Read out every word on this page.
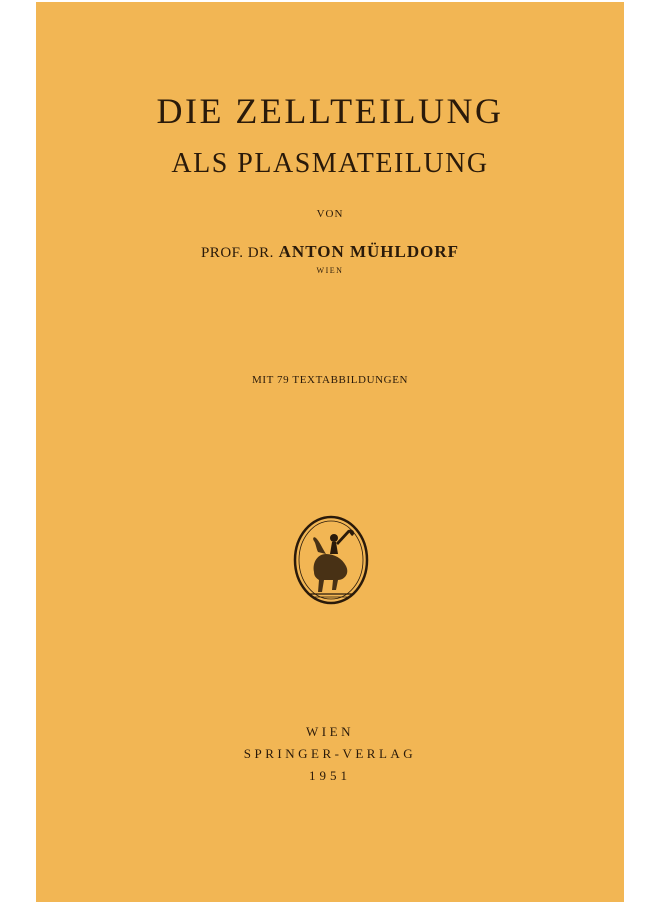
DIE ZELLTEILUNG
ALS PLASMATEILUNG
VON
PROF. DR. ANTON MÜHLDORF
WIEN
MIT 79 TEXTABBILDUNGEN
WIEN
SPRINGER-VERLAG
1951
